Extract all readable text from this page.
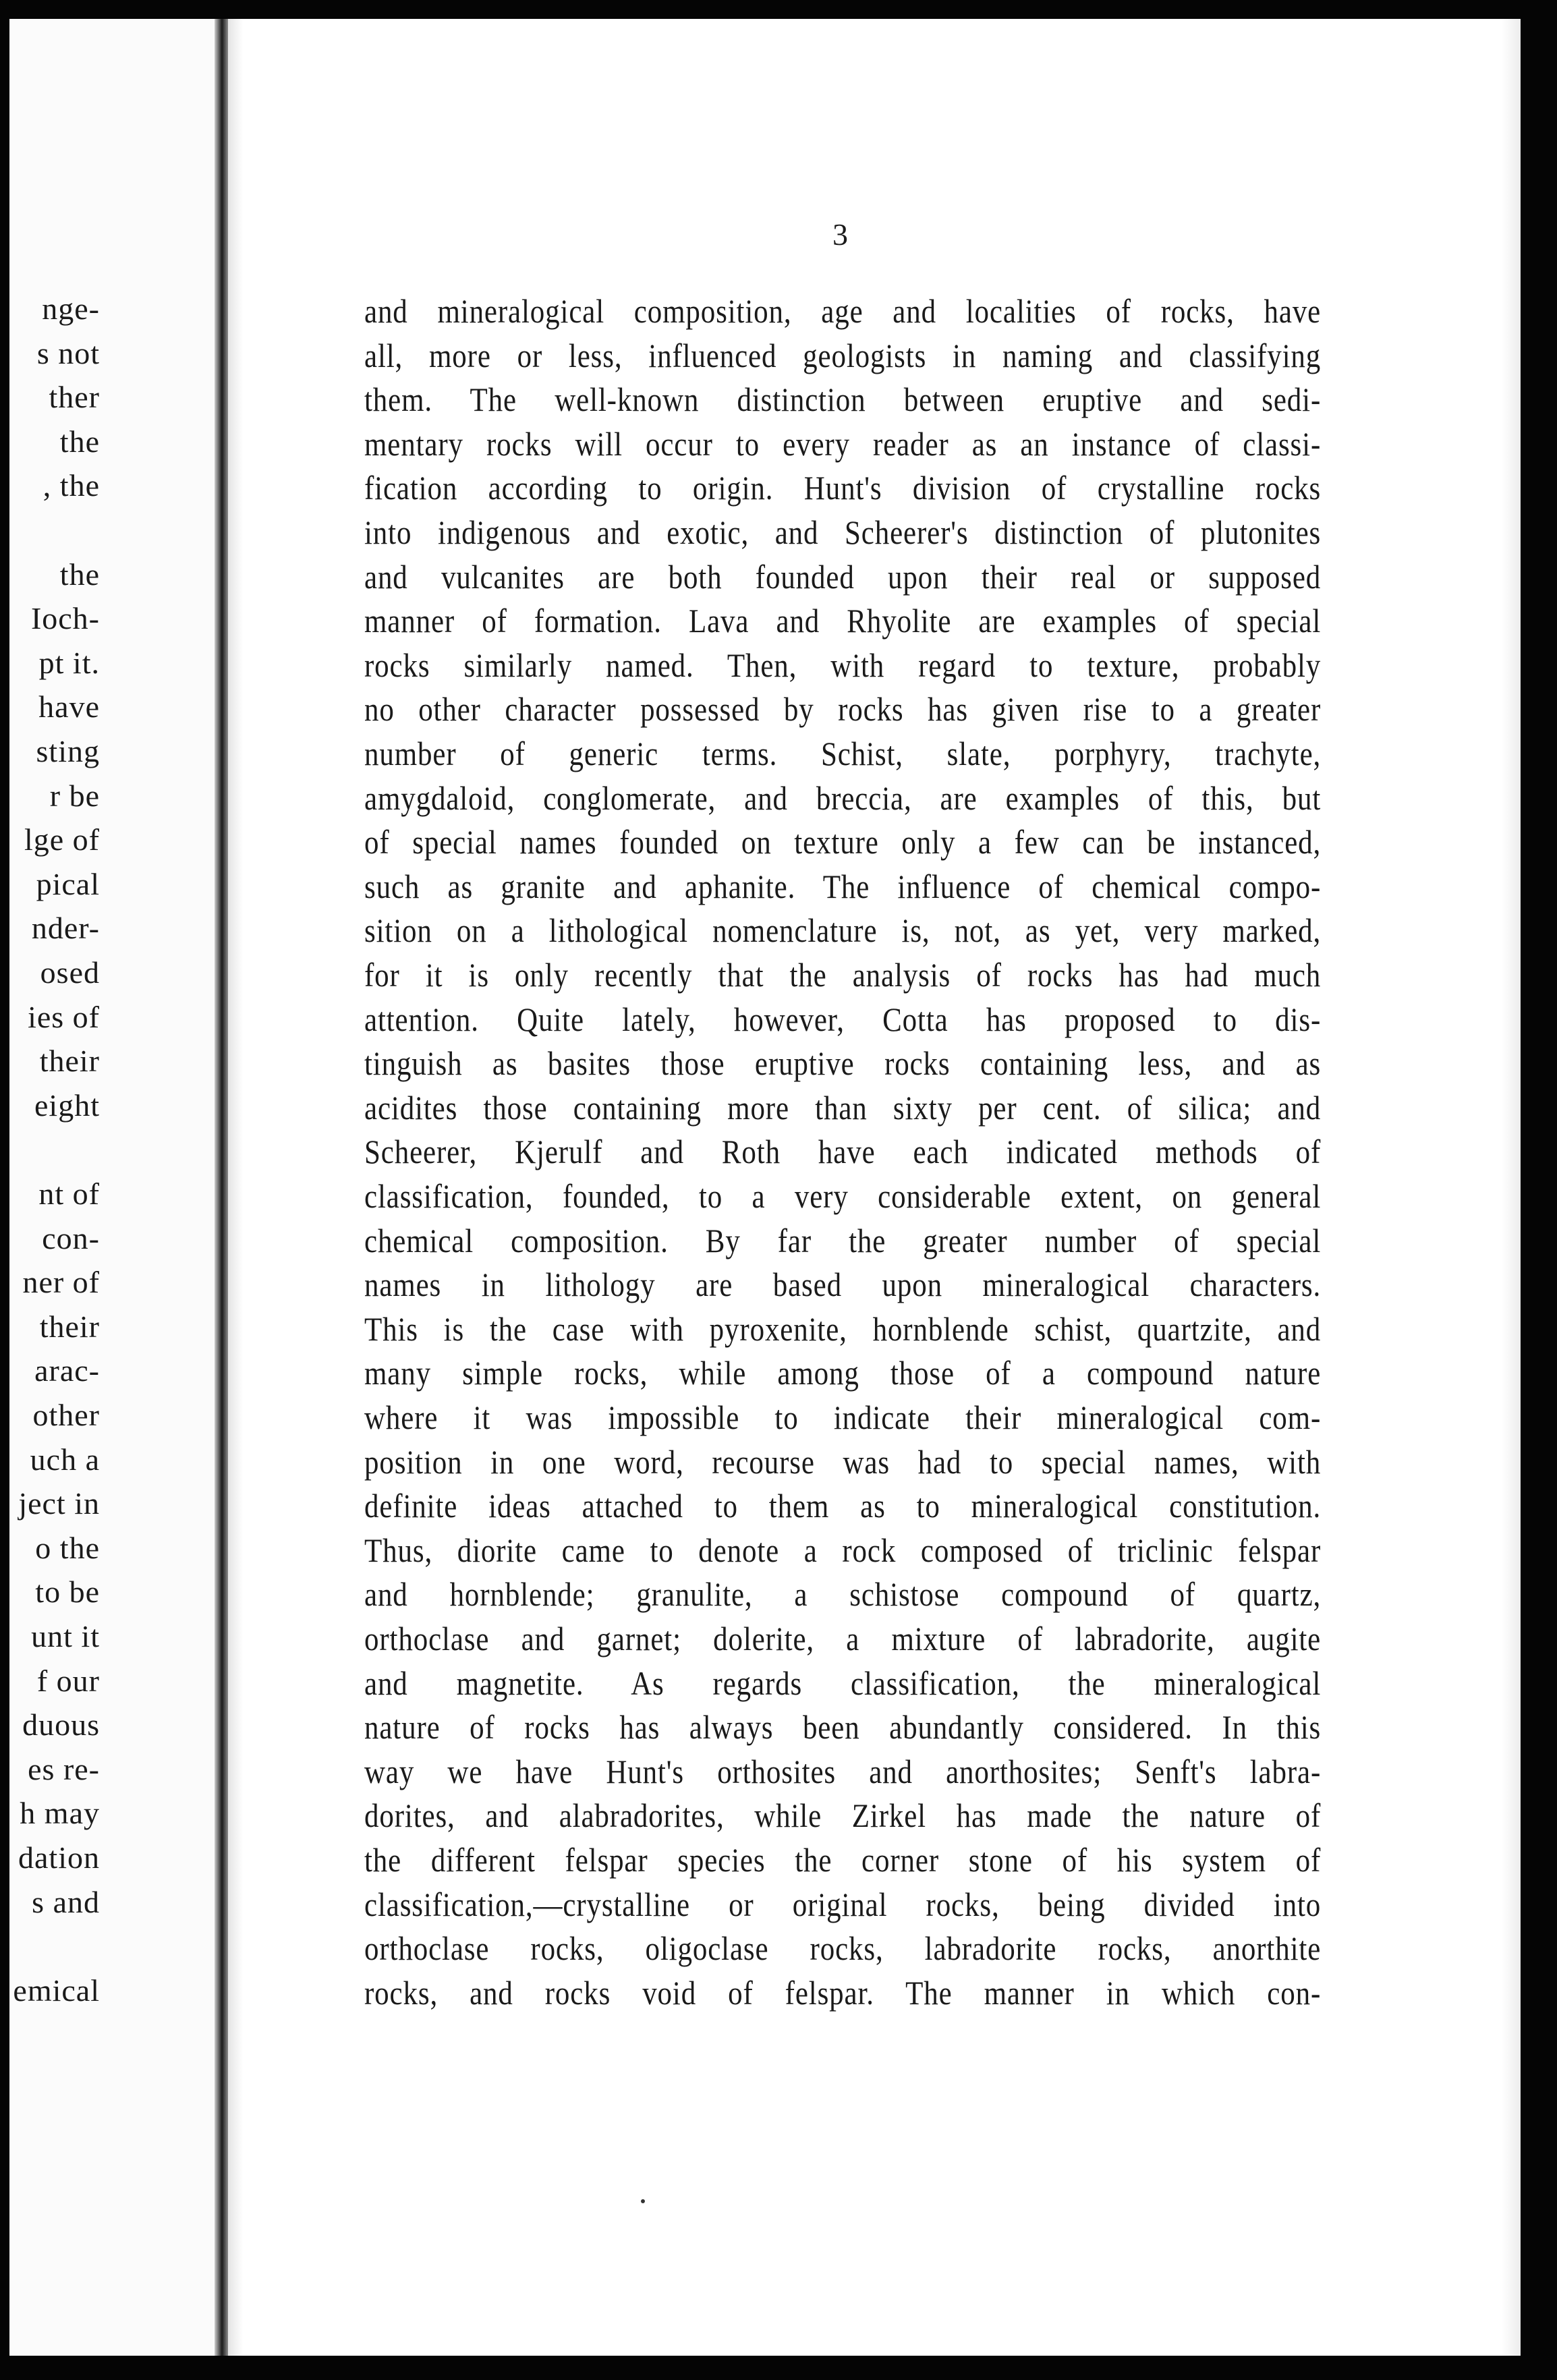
nge-
s not
ther
the
, the
the
Ioch-
pt it.
have
sting
r be
lge of
pical
nder-
osed
ies of
their
eight
nt of
con-
ner of
their
arac-
other
uch a
ject in
o the
to be
unt it
f our
duous
es re-
h may
dation
s and
emical
3
and mineralogical composition, age and localities of rocks, have
all, more or less, influenced geologists in naming and classifying
them. The well-known distinction between eruptive and sedi-
mentary rocks will occur to every reader as an instance of classi-
fication according to origin. Hunt's division of crystalline rocks
into indigenous and exotic, and Scheerer's distinction of plutonites
and vulcanites are both founded upon their real or supposed
manner of formation. Lava and Rhyolite are examples of special
rocks similarly named. Then, with regard to texture, probably
no other character possessed by rocks has given rise to a greater
number of generic terms. Schist, slate, porphyry, trachyte,
amygdaloid, conglomerate, and breccia, are examples of this, but
of special names founded on texture only a few can be instanced,
such as granite and aphanite. The influence of chemical compo-
sition on a lithological nomenclature is, not, as yet, very marked,
for it is only recently that the analysis of rocks has had much
attention. Quite lately, however, Cotta has proposed to dis-
tinguish as basites those eruptive rocks containing less, and as
acidites those containing more than sixty per cent. of silica; and
Scheerer, Kjerulf and Roth have each indicated methods of
classification, founded, to a very considerable extent, on general
chemical composition. By far the greater number of special
names in lithology are based upon mineralogical characters.
This is the case with pyroxenite, hornblende schist, quartzite, and
many simple rocks, while among those of a compound nature
where it was impossible to indicate their mineralogical com-
position in one word, recourse was had to special names, with
definite ideas attached to them as to mineralogical constitution.
Thus, diorite came to denote a rock composed of triclinic felspar
and hornblende; granulite, a schistose compound of quartz,
orthoclase and garnet; dolerite, a mixture of labradorite, augite
and magnetite. As regards classification, the mineralogical
nature of rocks has always been abundantly considered. In this
way we have Hunt's orthosites and anorthosites; Senft's labra-
dorites, and alabradorites, while Zirkel has made the nature of
the different felspar species the corner stone of his system of
classification,—crystalline or original rocks, being divided into
orthoclase rocks, oligoclase rocks, labradorite rocks, anorthite
rocks, and rocks void of felspar. The manner in which con-
